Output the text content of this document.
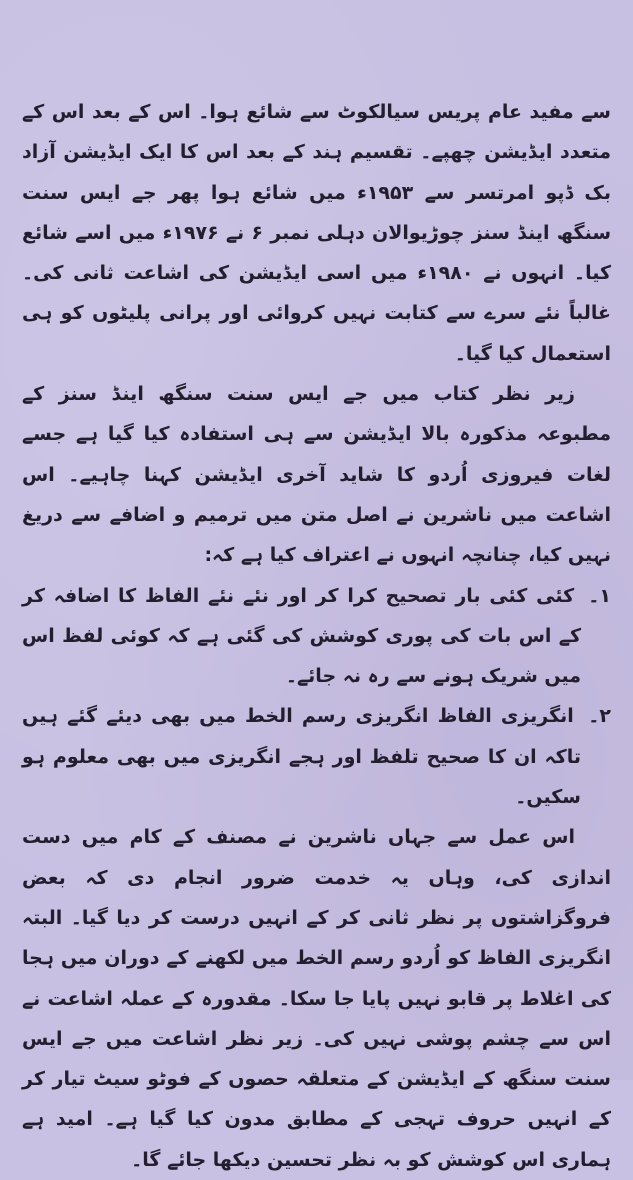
سے مفید عام پریس سیالکوٹ سے شائع ہوا۔ اس کے بعد اس کے متعدد ایڈیشن چھپے۔ تقسیم ہند کے بعد اس کا ایک ایڈیشن آزاد بک ڈپو امرتسر سے ۱۹۵۳ء میں شائع ہوا پھر جے ایس سنت سنگھ اینڈ سنز چوڑیوالان دہلی نمبر ۶ نے ۱۹۷۶ء میں اسے شائع کیا۔ انہوں نے ۱۹۸۰ء میں اسی ایڈیشن کی اشاعت ثانی کی۔ غالباً نئے سرے سے کتابت نہیں کروائی اور پرانی پلیٹوں کو ہی استعمال کیا گیا۔

زیر نظر کتاب میں جے ایس سنت سنگھ اینڈ سنز کے مطبوعہ مذکورہ بالا ایڈیشن سے ہی استفادہ کیا گیا ہے جسے لغات فیروزی اُردو کا شاید آخری ایڈیشن کہنا چاہیے۔ اس اشاعت میں ناشرین نے اصل متن میں ترمیم و اضافے سے دریغ نہیں کیا، چنانچہ انہوں نے اعتراف کیا ہے کہ:

۱۔ کئی کئی بار تصحیح کرا کر اور نئے نئے الفاظ کا اضافہ کر کے اس بات کی پوری کوشش کی گئی ہے کہ کوئی لفظ اس میں شریک ہونے سے رہ نہ جائے۔

۲۔ انگریزی الفاظ انگریزی رسم الخط میں بھی دیئے گئے ہیں تاکہ ان کا صحیح تلفظ اور ہجے انگریزی میں بھی معلوم ہو سکیں۔

اس عمل سے جہاں ناشرین نے مصنف کے کام میں دست اندازی کی، وہاں یہ خدمت ضرور انجام دی کہ بعض فروگزاشتوں پر نظر ثانی کر کے انہیں درست کر دیا گیا۔ البتہ انگریزی الفاظ کو اُردو رسم الخط میں لکھنے کے دوران میں ہجا کی اغلاط پر قابو نہیں پایا جا سکا۔ مقدورہ کے عملہ اشاعت نے اس سے چشم پوشی نہیں کی۔ زیر نظر اشاعت میں جے ایس سنت سنگھ کے ایڈیشن کے متعلقہ حصوں کے فوٹو سیٹ تیار کر کے انہیں حروف تہجی کے مطابق مدون کیا گیا ہے۔ امید ہے ہماری اس کوشش کو بہ نظر تحسین دیکھا جائے گا۔
